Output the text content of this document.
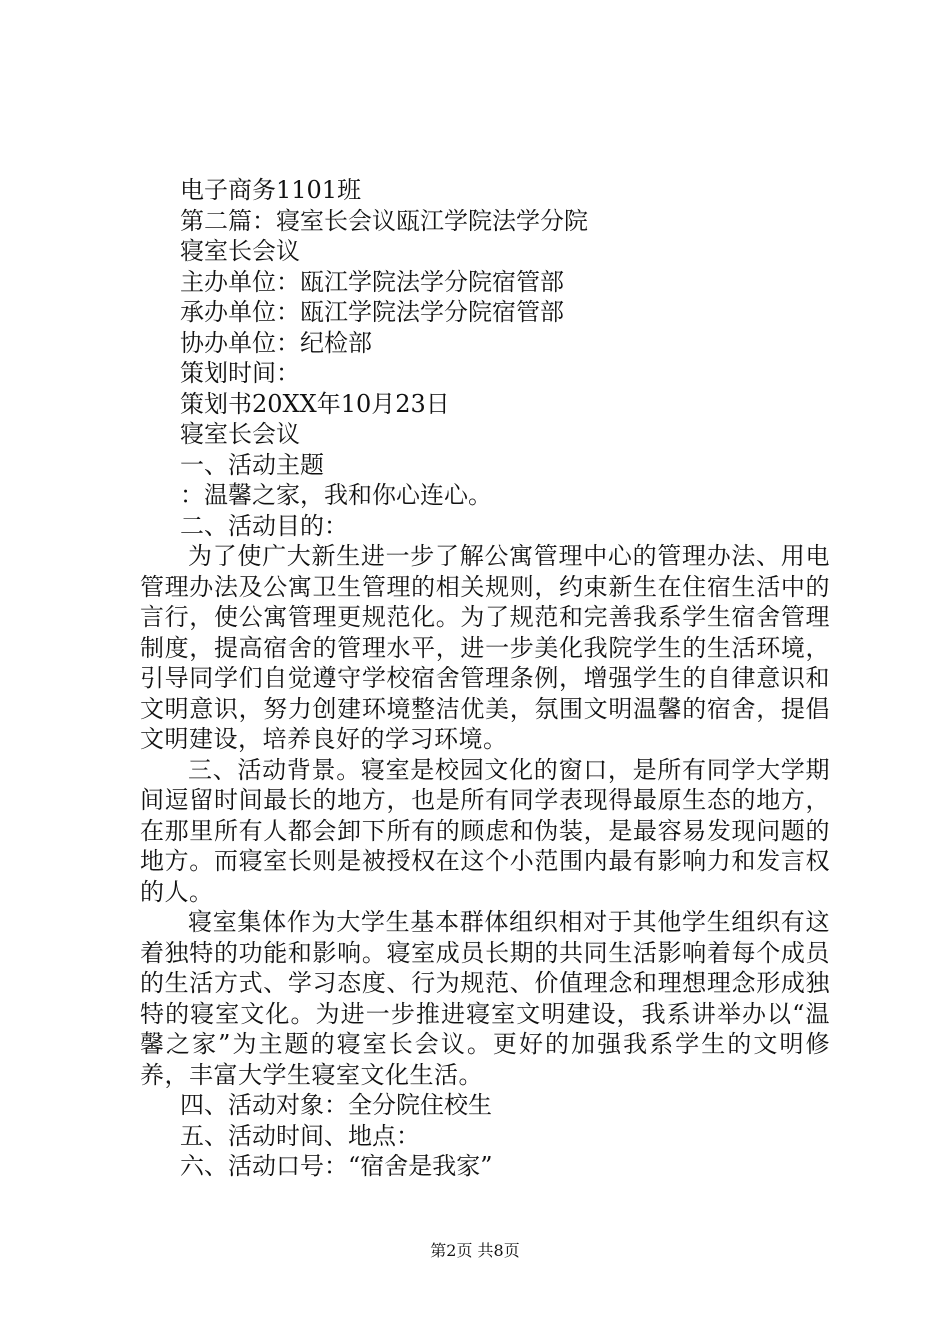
电子商务1101班

第二篇：寝室长会议瓯江学院法学分院

寝室长会议

主办单位：瓯江学院法学分院宿管部

承办单位：瓯江学院法学分院宿管部

协办单位：纪检部

策划时间：

策划书20XX年10月23日

寝室长会议

一、活动主题

：温馨之家，我和你心连心。

二、活动目的：

为了使广大新生进一步了解公寓管理中心的管理办法、用电管理办法及公寓卫生管理的相关规则，约束新生在住宿生活中的言行，使公寓管理更规范化。为了规范和完善我系学生宿舍管理制度，提高宿舍的管理水平，进一步美化我院学生的生活环境，引导同学们自觉遵守学校宿舍管理条例，增强学生的自律意识和文明意识，努力创建环境整洁优美，氛围文明温馨的宿舍，提倡文明建设，培养良好的学习环境。

三、活动背景。寝室是校园文化的窗口，是所有同学大学期间逗留时间最长的地方，也是所有同学表现得最原生态的地方，在那里所有人都会卸下所有的顾虑和伪装，是最容易发现问题的地方。而寝室长则是被授权在这个小范围内最有影响力和发言权的人。

寝室集体作为大学生基本群体组织相对于其他学生组织有这着独特的功能和影响。寝室成员长期的共同生活影响着每个成员的生活方式、学习态度、行为规范、价值理念和理想理念形成独特的寝室文化。为进一步推进寝室文明建设，我系讲举办以“温馨之家”为主题的寝室长会议。更好的加强我系学生的文明修养，丰富大学生寝室文化生活。

四、活动对象：全分院住校生

五、活动时间、地点：

六、活动口号：“宿舍是我家”

第2页 共8页
